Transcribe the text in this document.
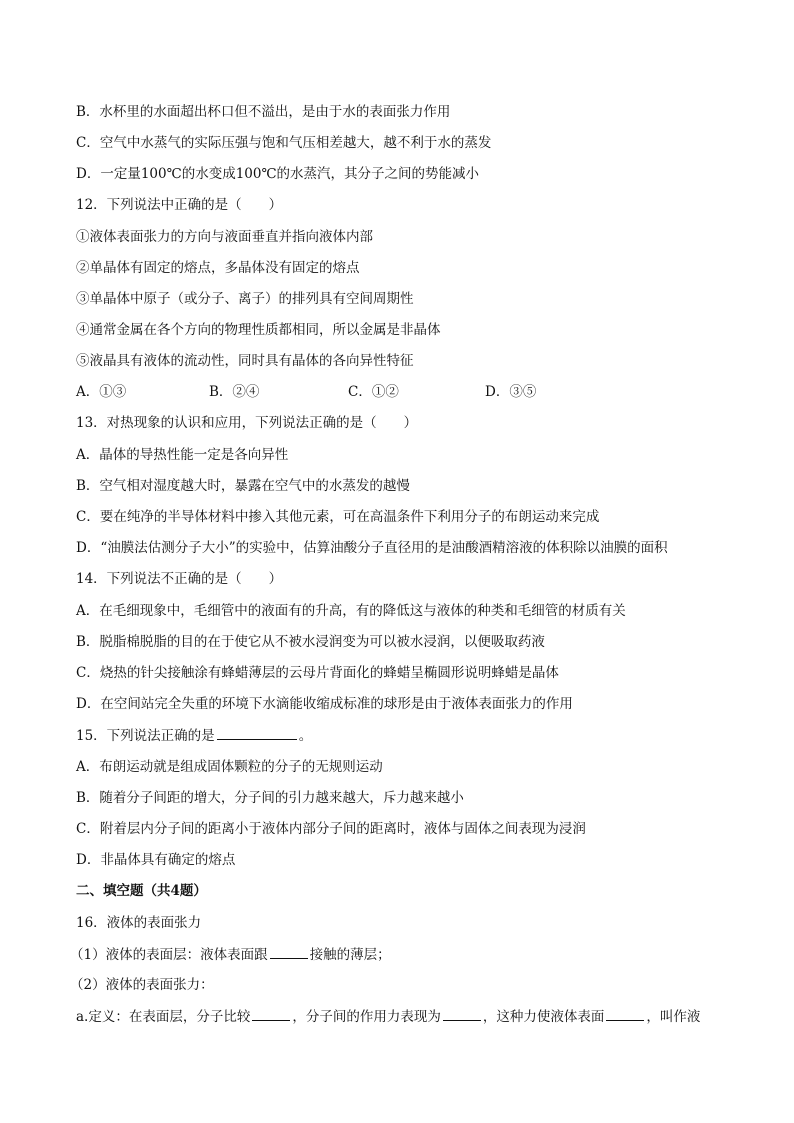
B．水杯里的水面超出杯口但不溢出，是由于水的表面张力作用
C．空气中水蒸气的实际压强与饱和气压相差越大，越不利于水的蒸发
D．一定量100℃的水变成100℃的水蒸汽，其分子之间的势能减小
12．下列说法中正确的是（　　）
①液体表面张力的方向与液面垂直并指向液体内部
②单晶体有固定的熔点，多晶体没有固定的熔点
③单晶体中原子（或分子、离子）的排列具有空间周期性
④通常金属在各个方向的物理性质都相同，所以金属是非晶体
⑤液晶具有液体的流动性，同时具有晶体的各向异性特征
A．①③	B．②④	C．①②	D．③⑤
13．对热现象的认识和应用，下列说法正确的是（　　）
A．晶体的导热性能一定是各向异性
B．空气相对湿度越大时，暴露在空气中的水蒸发的越慢
C．要在纯净的半导体材料中掺入其他元素，可在高温条件下利用分子的布朗运动来完成
D．“油膜法估测分子大小”的实验中，估算油酸分子直径用的是油酸酒精溶液的体积除以油膜的面积
14．下列说法不正确的是（　　）
A．在毛细现象中，毛细管中的液面有的升高，有的降低这与液体的种类和毛细管的材质有关
B．脱脂棉脱脂的目的在于使它从不被水浸润变为可以被水浸润，以便吸取药液
C．烧热的针尖接触涂有蜂蜡薄层的云母片背面化的蜂蜡呈椭圆形说明蜂蜡是晶体
D．在空间站完全失重的环境下水滴能收缩成标准的球形是由于液体表面张力的作用
15．下列说法正确的是	。
A．布朗运动就是组成固体颗粒的分子的无规则运动
B．随着分子间距的增大，分子间的引力越来越大，斥力越来越小
C．附着层内分子间的距离小于液体内部分子间的距离时，液体与固体之间表现为浸润
D．非晶体具有确定的熔点
二、填空题（共4题）
16．液体的表面张力
（1）液体的表面层：液体表面跟	接触的薄层；
（2）液体的表面张力：
a.定义：在表面层，分子比较	，分子间的作用力表现为	，这种力使液体表面	，叫作液
